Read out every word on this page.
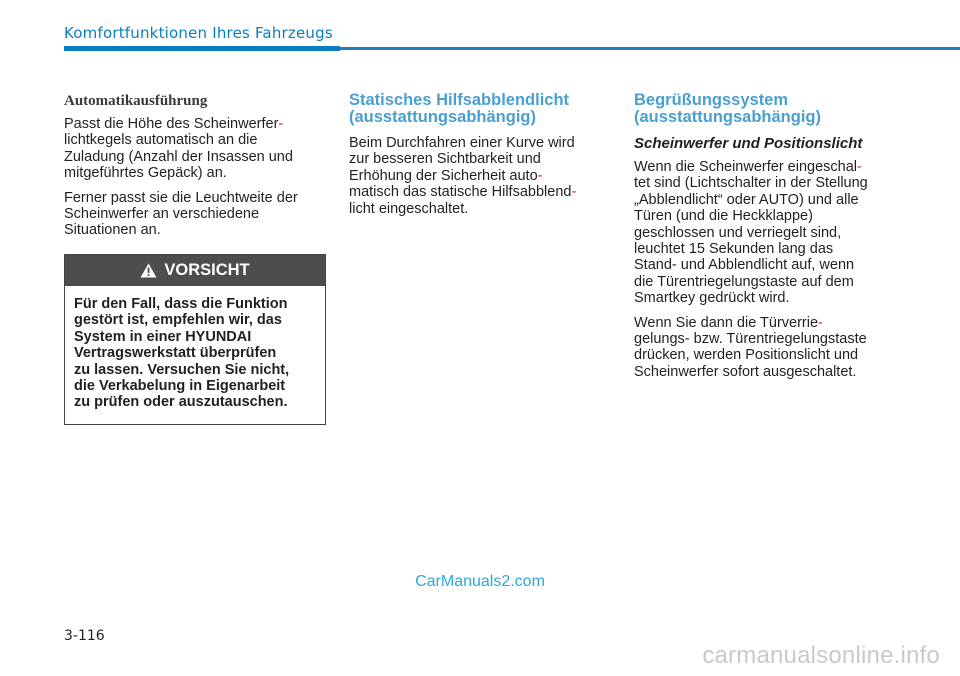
Komfortfunktionen Ihres Fahrzeugs
Automatikausführung

Passt die Höhe des Scheinwerfer-
lichtkegels automatisch an die
Zuladung (Anzahl der Insassen und
mitgeführtes Gepäck) an.

Ferner passt sie die Leuchtweite der
Scheinwerfer an verschiedene
Situationen an.

VORSICHT
Für den Fall, dass die Funktion
gestört ist, empfehlen wir, das
System in einer HYUNDAI
Vertragswerkstatt überprüfen
zu lassen. Versuchen Sie nicht,
die Verkabelung in Eigenarbeit
zu prüfen oder auszutauschen.
Statisches Hilfsabblendlicht
(ausstattungsabhängig)

Beim Durchfahren einer Kurve wird
zur besseren Sichtbarkeit und
Erhöhung der Sicherheit auto-
matisch das statische Hilfsabblend-
licht eingeschaltet.

Begrüßungssystem
(ausstattungsabhängig)
Scheinwerfer und Positionslicht

Wenn die Scheinwerfer eingeschal-
tet sind (Lichtschalter in der Stellung
„Abblendlicht“ oder AUTO) und alle
Türen (und die Heckklappe)
geschlossen und verriegelt sind,
leuchtet 15 Sekunden lang das
Stand- und Abblendlicht auf, wenn
die Türentriegelungstaste auf dem
Smartkey gedrückt wird.

Wenn Sie dann die Türverrie-
gelungs- bzw. Türentriegelungstaste
drücken, werden Positionslicht und
Scheinwerfer sofort ausgeschaltet.

CarManuals2.com
3-116
carmanualsonline.info
